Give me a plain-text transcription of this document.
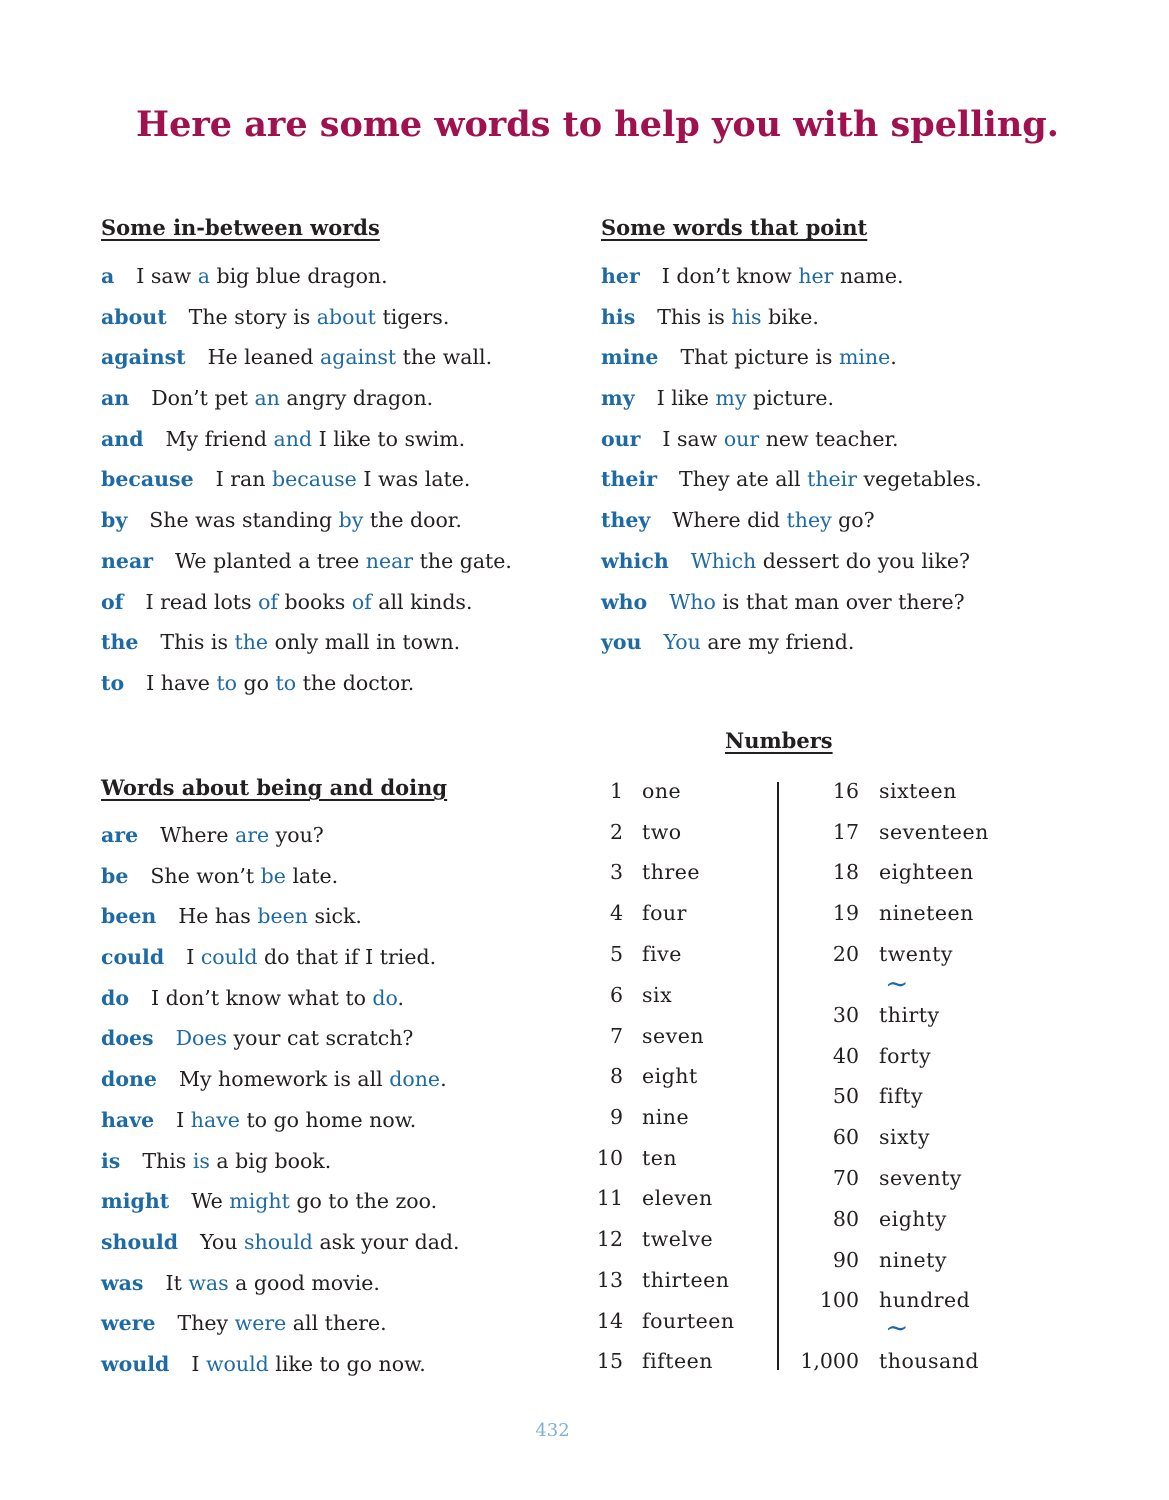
Here are some words to help you with spelling.
Some in-between words
a I saw a big blue dragon.
about The story is about tigers.
against He leaned against the wall.
an Don’t pet an angry dragon.
and My friend and I like to swim.
because I ran because I was late.
by She was standing by the door.
near We planted a tree near the gate.
of I read lots of books of all kinds.
the This is the only mall in town.
to I have to go to the doctor.
Some words that point
her I don’t know her name.
his This is his bike.
mine That picture is mine.
my I like my picture.
our I saw our new teacher.
their They ate all their vegetables.
they Where did they go?
which Which dessert do you like?
who Who is that man over there?
you You are my friend.
Words about being and doing
are Where are you?
be She won’t be late.
been He has been sick.
could I could do that if I tried.
do I don’t know what to do.
does Does your cat scratch?
done My homework is all done.
have I have to go home now.
is This is a big book.
might We might go to the zoo.
should You should ask your dad.
was It was a good movie.
were They were all there.
would I would like to go now.
Numbers
1 one
2 two
3 three
4 four
5 five
6 six
7 seven
8 eight
9 nine
10 ten
11 eleven
12 twelve
13 thirteen
14 fourteen
15 fifteen
16 sixteen
17 seventeen
18 eighteen
19 nineteen
20 twenty
30 thirty
40 forty
50 fifty
60 sixty
70 seventy
80 eighty
90 ninety
100 hundred
1,000 thousand
∼
∼
432
